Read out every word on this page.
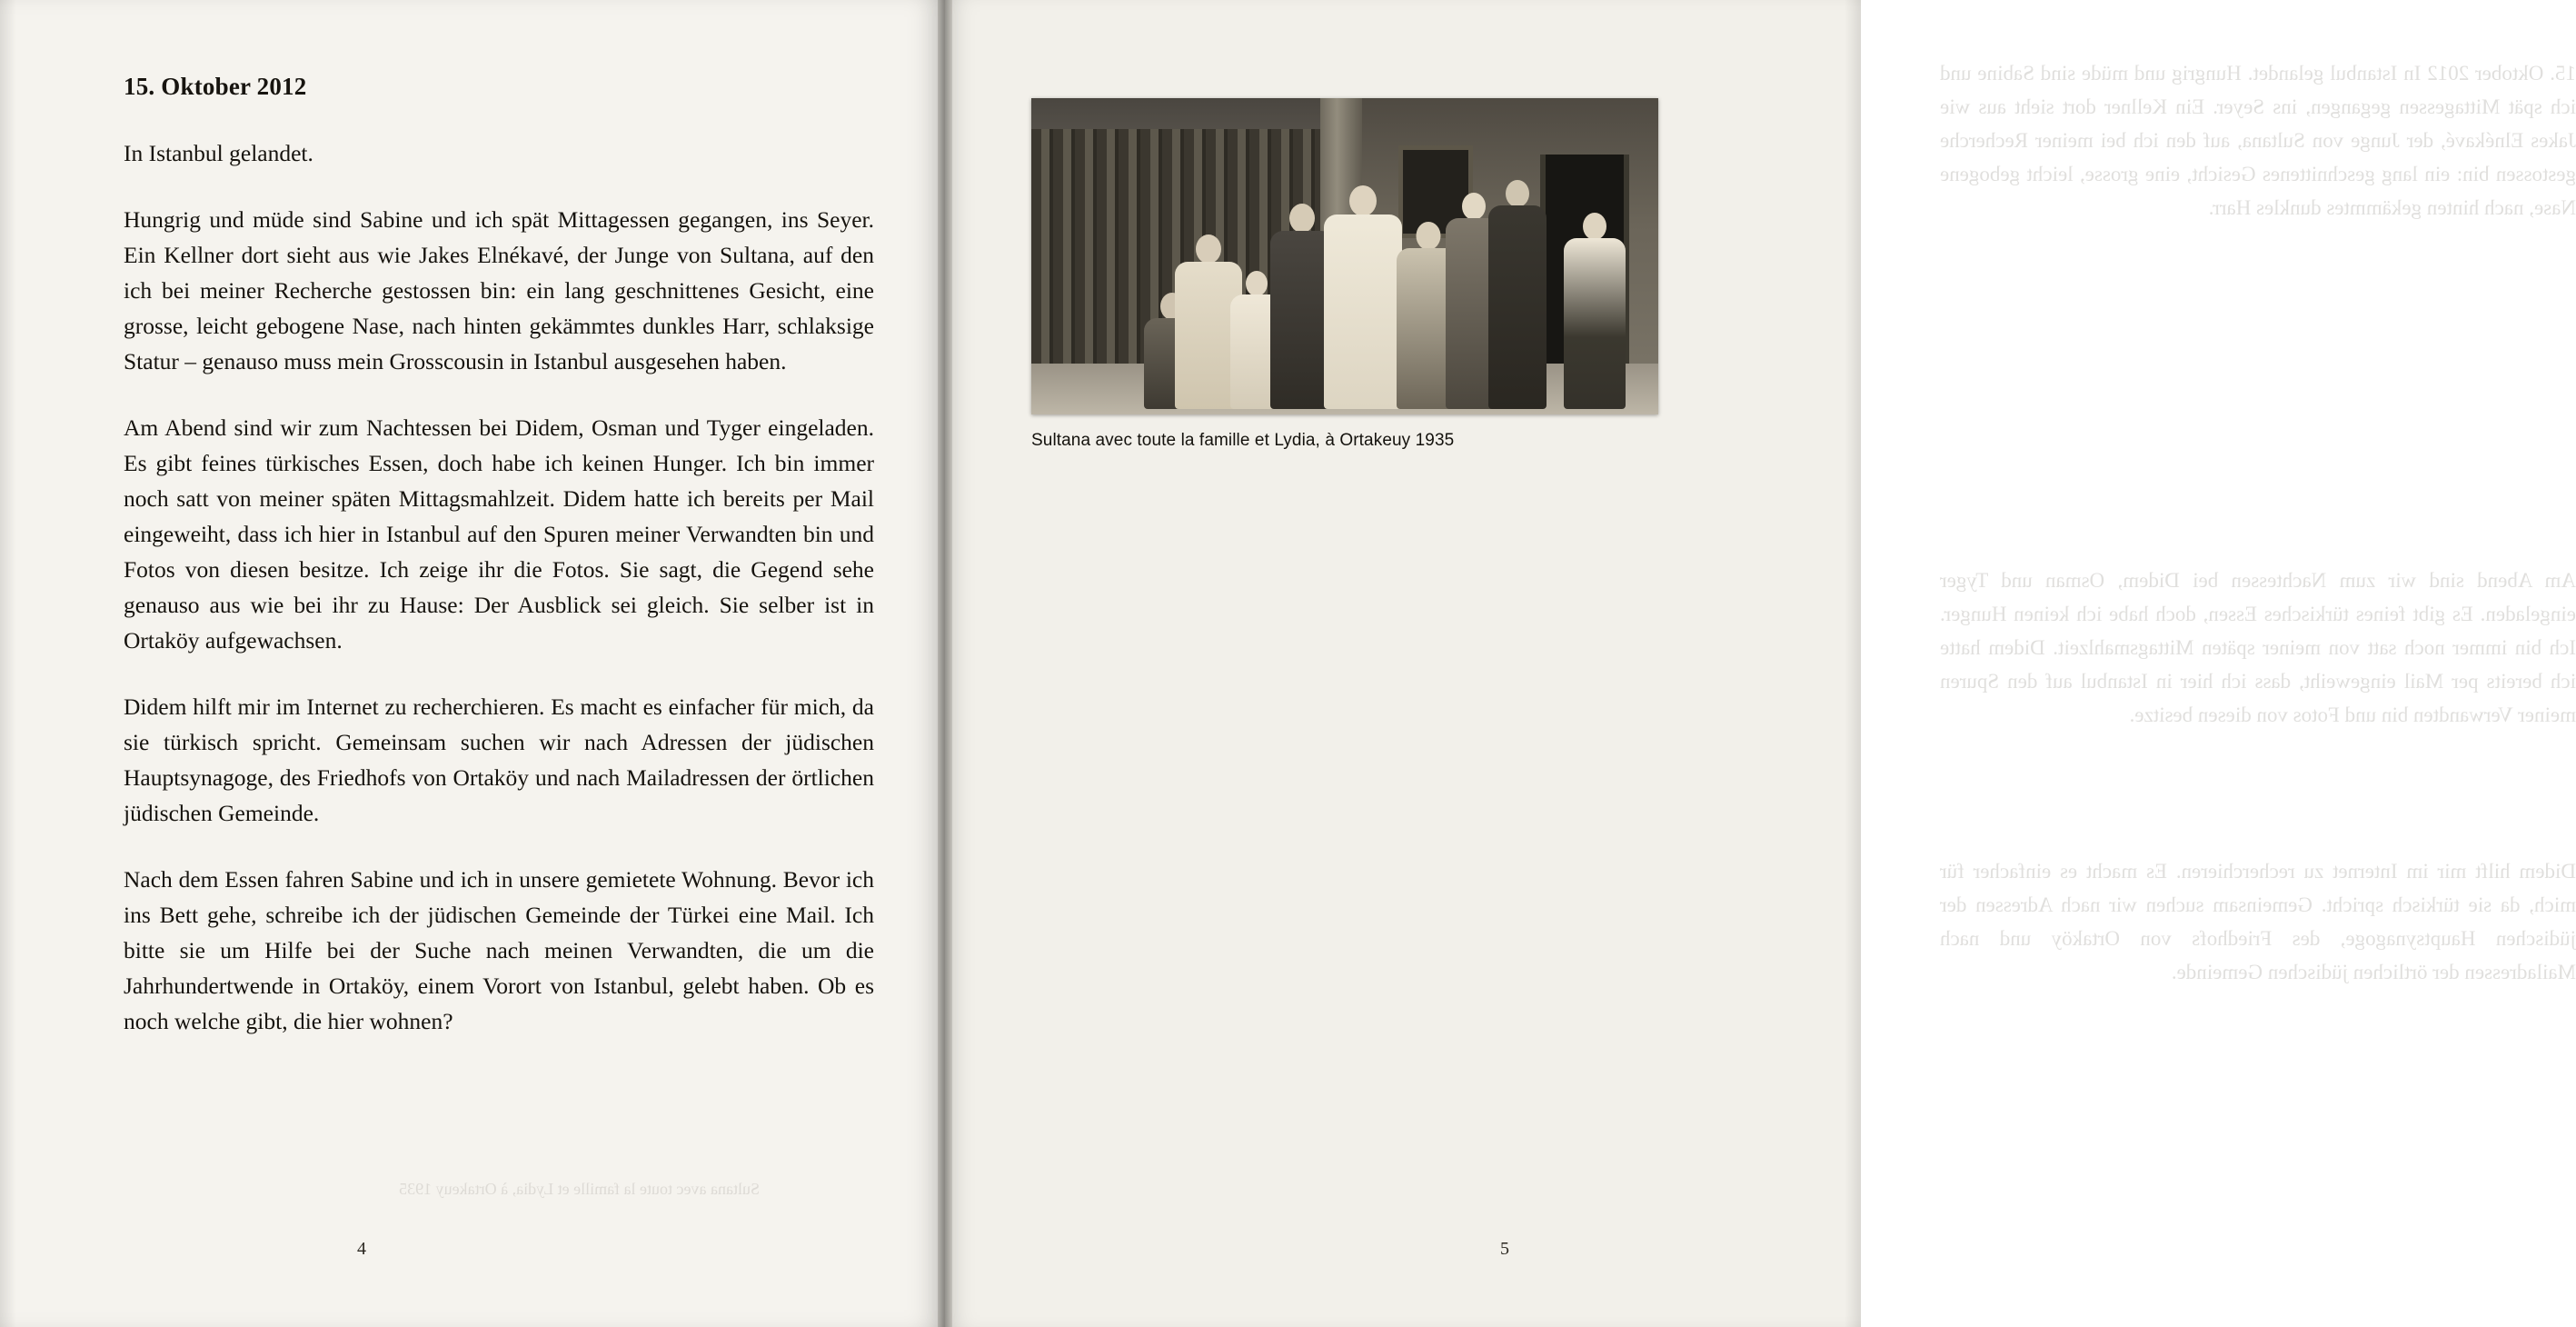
15. Oktober 2012

In Istanbul gelandet.

Hungrig und müde sind Sabine und ich spät Mittagessen gegangen, ins Seyer. Ein Kellner dort sieht aus wie Jakes Elnékavé, der Junge von Sultana, auf den ich bei meiner Recherche gestossen bin: ein lang geschnittenes Gesicht, eine grosse, leicht gebogene Nase, nach hinten gekämmtes dunkles Harr, schlaksige Statur – genauso muss mein Grosscousin in Istanbul ausgesehen haben.

Am Abend sind wir zum Nachtessen bei Didem, Osman und Tyger eingeladen. Es gibt feines türkisches Essen, doch habe ich keinen Hunger. Ich bin immer noch satt von meiner späten Mittagsmahlzeit. Didem hatte ich bereits per Mail eingeweiht, dass ich hier in Istanbul auf den Spuren meiner Verwandten bin und Fotos von diesen besitze. Ich zeige ihr die Fotos. Sie sagt, die Gegend sehe genauso aus wie bei ihr zu Hause: Der Ausblick sei gleich. Sie selber ist in Ortaköy aufgewachsen.

Didem hilft mir im Internet zu recherchieren. Es macht es einfacher für mich, da sie türkisch spricht. Gemeinsam suchen wir nach Adressen der jüdischen Hauptsynagoge, des Friedhofs von Ortaköy und nach Mailadressen der örtlichen jüdischen Gemeinde.

Nach dem Essen fahren Sabine und ich in unsere gemietete Wohnung. Bevor ich ins Bett gehe, schreibe ich der jüdischen Gemeinde der Türkei eine Mail. Ich bitte sie um Hilfe bei der Suche nach meinen Verwandten, die um die Jahrhundertwende in Ortaköy, einem Vorort von Istanbul, gelebt haben. Ob es noch welche gibt, die hier wohnen?

Sultana avec toute la famille et Lydia, à Ortakeuy 1935
4
15. Oktober 2012 In Istanbul gelandet. Hungrig und müde sind Sabine und ich spät Mittagessen gegangen, ins Seyer. Ein Kellner dort sieht aus wie Jakes Elnékavé, der Junge von Sultana, auf den ich bei meiner Recherche gestossen bin: ein lang geschnittenes Gesicht, eine grosse, leicht gebogene Nase, nach hinten gekämmtes dunkles Harr.
Am Abend sind wir zum Nachtessen bei Didem, Osman und Tyger eingeladen. Es gibt feines türkisches Essen, doch habe ich keinen Hunger. Ich bin immer noch satt von meiner späten Mittagsmahlzeit. Didem hatte ich bereits per Mail eingeweiht, dass ich hier in Istanbul auf den Spuren meiner Verwandten bin und Fotos von diesen besitze.
Didem hilft mir im Internet zu recherchieren. Es macht es einfacher für mich, da sie türkisch spricht. Gemeinsam suchen wir nach Adressen der jüdischen Hauptsynagoge, des Friedhofs von Ortaköy und nach Mailadressen der örtlichen jüdischen Gemeinde.
Sultana avec toute la famille et Lydia, à Ortakeuy 1935
5
